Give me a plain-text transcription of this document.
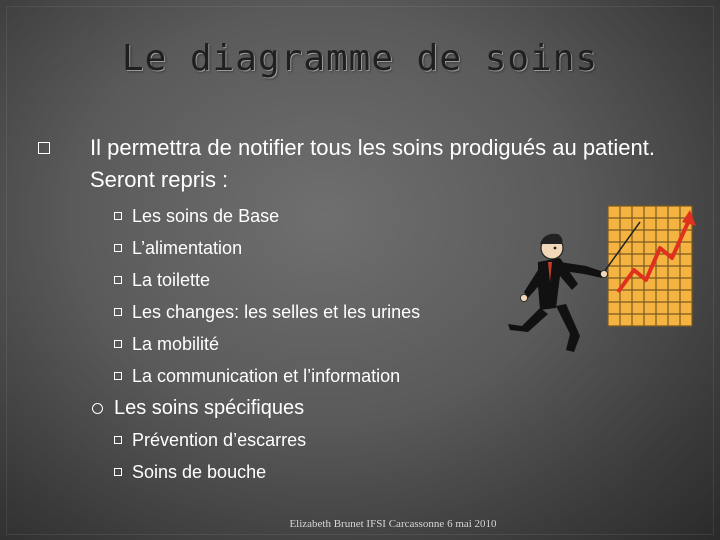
Le diagramme de soins
Il permettra de notifier tous les soins prodigués au patient. Seront repris :
Les soins de Base
L’alimentation
La toilette
Les changes: les selles et les urines
La mobilité
La communication et l’information
Les soins spécifiques
Prévention d’escarres
Soins de bouche
Elizabeth Brunet IFSI Carcassonne 6 mai 2010
